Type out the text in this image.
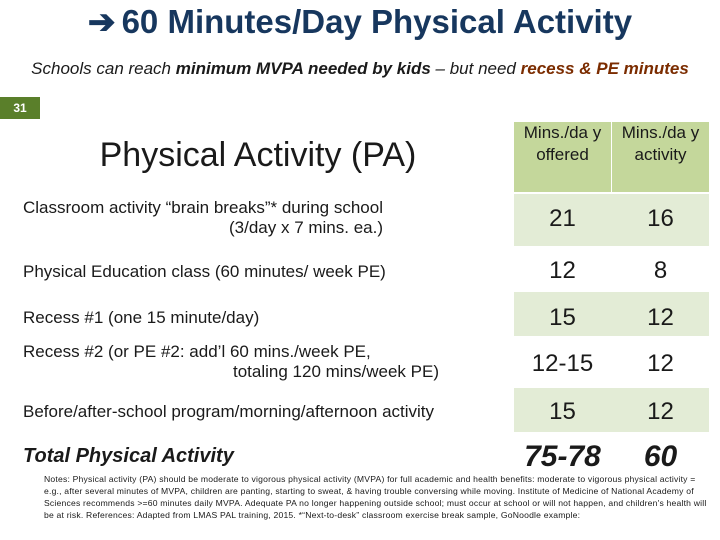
➔ 60 Minutes/Day Physical Activity
Schools can reach minimum MVPA needed by kids – but need recess & PE minutes
31
Physical Activity (PA)
Mins./da y offered
Mins./da y activity
Classroom activity “brain breaks”* during school
(3/day x 7 mins. ea.)	21	16
Physical Education class (60 minutes/ week PE)	12	8
Recess #1 (one 15 minute/day)	15	12
Recess #2 (or PE #2: add’l 60 mins./week PE,
totaling 120 mins/week PE)	12-15	12
Before/after-school program/morning/afternoon activity	15	12
Total Physical Activity	75-78	60
Notes: Physical activity (PA) should be moderate to vigorous physical activity (MVPA) for full academic and health benefits: moderate to vigorous physical activity = e.g., after several minutes of MVPA, children are panting, starting to sweat, & having trouble conversing while moving. Institute of Medicine of National Academy of Sciences recommends >=60 minutes daily MVPA. Adequate PA no longer happening outside school; must occur at school or will not happen, and children's health will be at risk. References: Adapted from LMAS PAL training, 2015. *“Next-to-desk” classroom exercise break sample, GoNoodle example:
